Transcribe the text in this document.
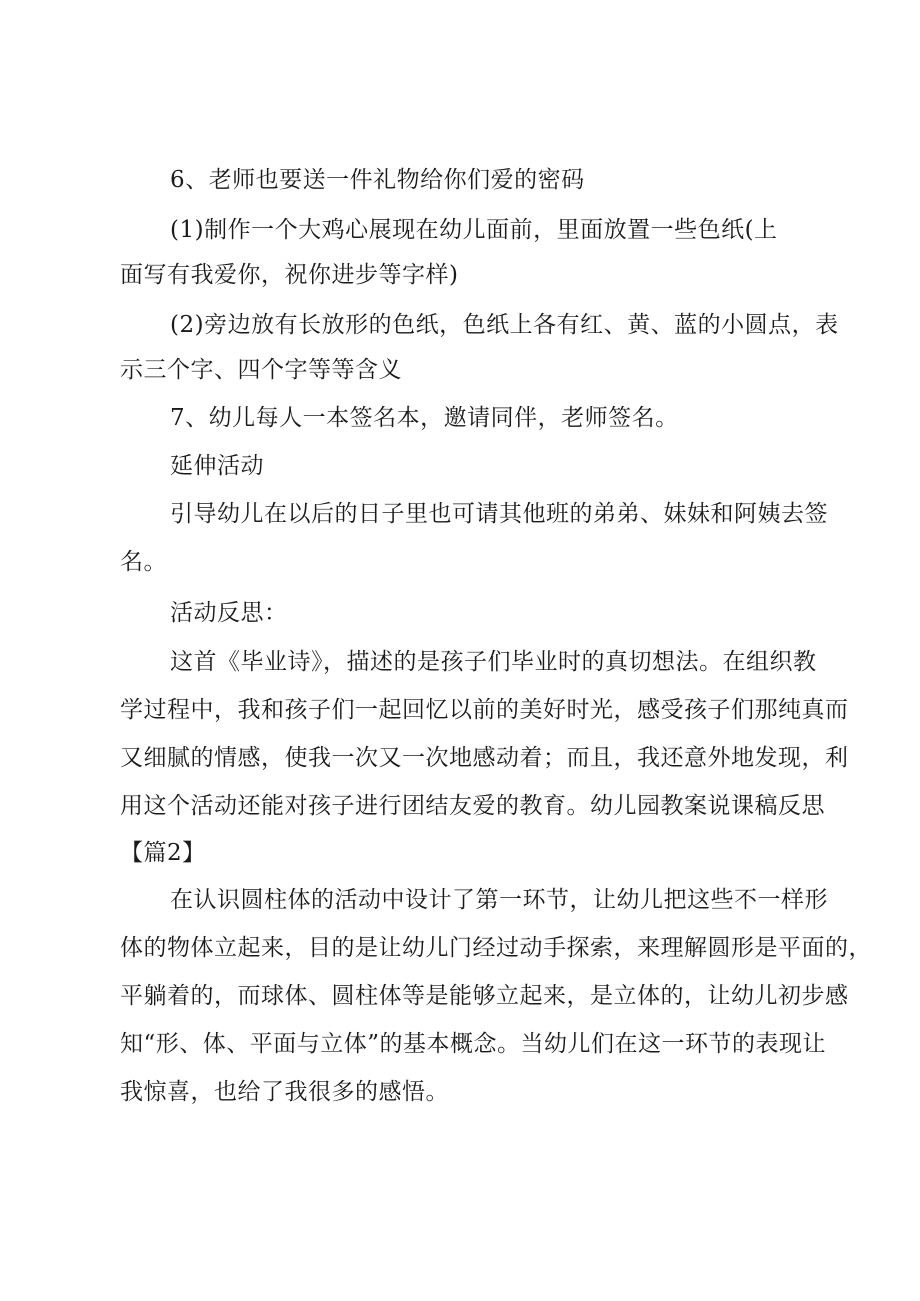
6、老师也要送一件礼物给你们爱的密码
(1)制作一个大鸡心展现在幼儿面前，里面放置一些色纸(上
面写有我爱你，祝你进步等字样)
(2)旁边放有长放形的色纸，色纸上各有红、黄、蓝的小圆点，表
示三个字、四个字等等含义
7、幼儿每人一本签名本，邀请同伴，老师签名。
延伸活动
引导幼儿在以后的日子里也可请其他班的弟弟、妹妹和阿姨去签
名。
活动反思：
这首《毕业诗》，描述的是孩子们毕业时的真切想法。在组织教
学过程中，我和孩子们一起回忆以前的美好时光，感受孩子们那纯真而
又细腻的情感，使我一次又一次地感动着；而且，我还意外地发现，利
用这个活动还能对孩子进行团结友爱的教育。幼儿园教案说课稿反思
【篇2】
在认识圆柱体的活动中设计了第一环节，让幼儿把这些不一样形
体的物体立起来，目的是让幼儿门经过动手探索，来理解圆形是平面的，
平躺着的，而球体、圆柱体等是能够立起来，是立体的，让幼儿初步感
知“形、体、平面与立体”的基本概念。当幼儿们在这一环节的表现让
我惊喜，也给了我很多的感悟。
